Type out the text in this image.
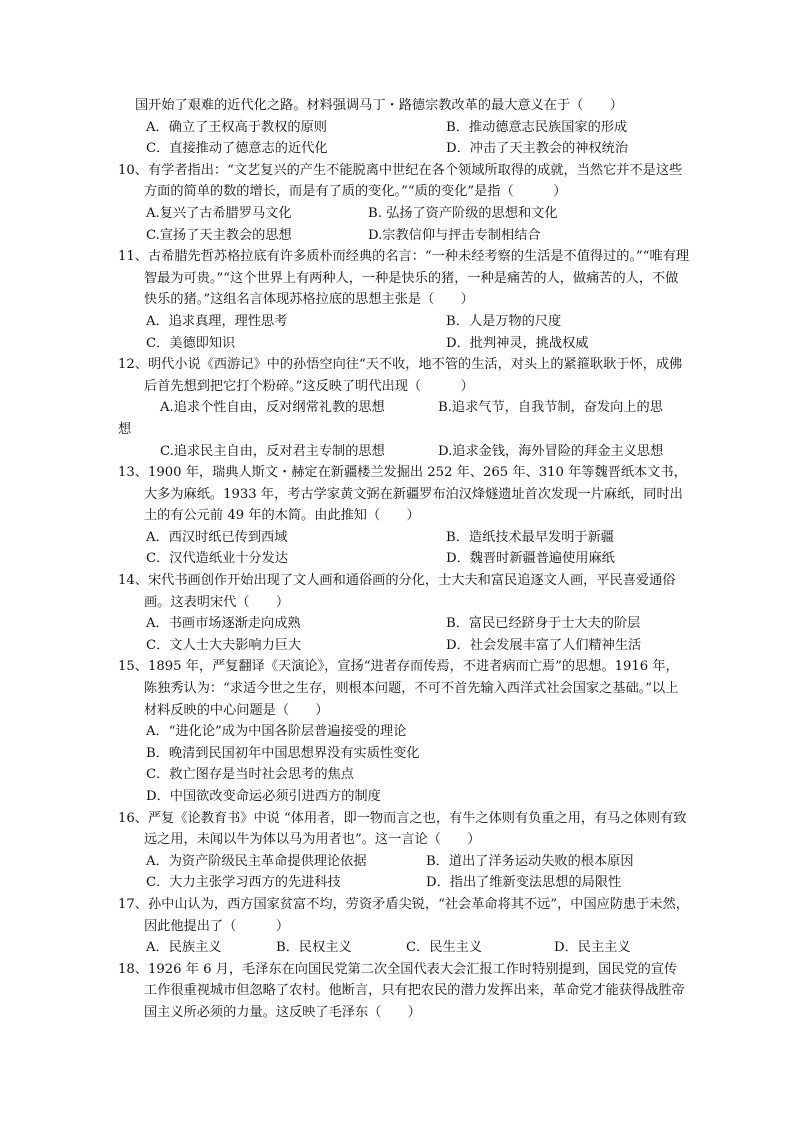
国开始了艰难的近代化之路。材料强调马丁・路德宗教改革的最大意义在于（　　）

A．确立了王权高于教权的原则	B．推动德意志民族国家的形成
C．直接推动了德意志的近代化	D．冲击了天主教会的神权统治

10、有学者指出：“文艺复兴的产生不能脱离中世纪在各个领域所取得的成就，当然它并不是这些方面的简单的数的增长，而是有了质的变化。”“质的变化”是指（　　　）

A.复兴了古希腊罗马文化	B. 弘扬了资产阶级的思想和文化
C.宣扬了天主教会的思想	D.宗教信仰与抨击专制相结合

11、古希腊先哲苏格拉底有许多质朴而经典的名言：“一种未经考察的生活是不值得过的。”“唯有理智最为可贵。”“这个世界上有两种人，一种是快乐的猪，一种是痛苦的人，做痛苦的人，不做快乐的猪。”这组名言体现苏格拉底的思想主张是（　　）

A．追求真理，理性思考	B．人是万物的尺度
C．美德即知识	D．批判神灵，挑战权威

12、明代小说《西游记》中的孙悟空向往“天不收，地不管的生活，对头上的紧箍耿耿于怀，成佛后首先想到把它打个粉碎。”这反映了明代出现（　　　）

A.追求个性自由，反对纲常礼教的思想	B.追求气节，自我节制，奋发向上的思
想
C.追求民主自由，反对君主专制的思想	D.追求金钱，海外冒险的拜金主义思想

13、1900 年，瑞典人斯文・赫定在新疆楼兰发掘出 252 年、265 年、310 年等魏晋纸本文书，大多为麻纸。1933 年，考古学家黄文弼在新疆罗布泊汉烽燧遗址首次发现一片麻纸，同时出土的有公元前 49 年的木简。由此推知（　　）

A．西汉时纸已传到西域	B．造纸技术最早发明于新疆
C．汉代造纸业十分发达	D．魏晋时新疆普遍使用麻纸

14、宋代书画创作开始出现了文人画和通俗画的分化，士大夫和富民追逐文人画，平民喜爱通俗画。这表明宋代（　　）

A．书画市场逐渐走向成熟	B．富民已经跻身于士大夫的阶层
C．文人士大夫影响力巨大	D．社会发展丰富了人们精神生活

15、1895 年，严复翻译《天演论》，宣扬“进者存而传焉，不进者病而亡焉”的思想。1916 年，陈独秀认为：“求适今世之生存，则根本问题，不可不首先输入西洋式社会国家之基础。”以上材料反映的中心问题是（　　）

A．“进化论”成为中国各阶层普遍接受的理论
B．晚清到民国初年中国思想界没有实质性变化
C．救亡图存是当时社会思考的焦点
D．中国欲改变命运必须引进西方的制度

16、严复《论教育书》中说 “体用者，即一物而言之也，有牛之体则有负重之用，有马之体则有致远之用，未闻以牛为体以马为用者也”。这一言论（　　）

A．为资产阶级民主革命提供理论依据	B．道出了洋务运动失败的根本原因
C．大力主张学习西方的先进科技	D．指出了维新变法思想的局限性

17、孙中山认为，西方国家贫富不均，劳资矛盾尖锐，“社会革命将其不远”，中国应防患于未然，因此他提出了（　　　）

A．民族主义	B．民权主义	C．民生主义	D．民主主义

18、1926 年 6 月，毛泽东在向国民党第二次全国代表大会汇报工作时特别提到，国民党的宣传工作很重视城市但忽略了农村。他断言，只有把农民的潜力发挥出来，革命党才能获得战胜帝国主义所必须的力量。这反映了毛泽东（　　）
